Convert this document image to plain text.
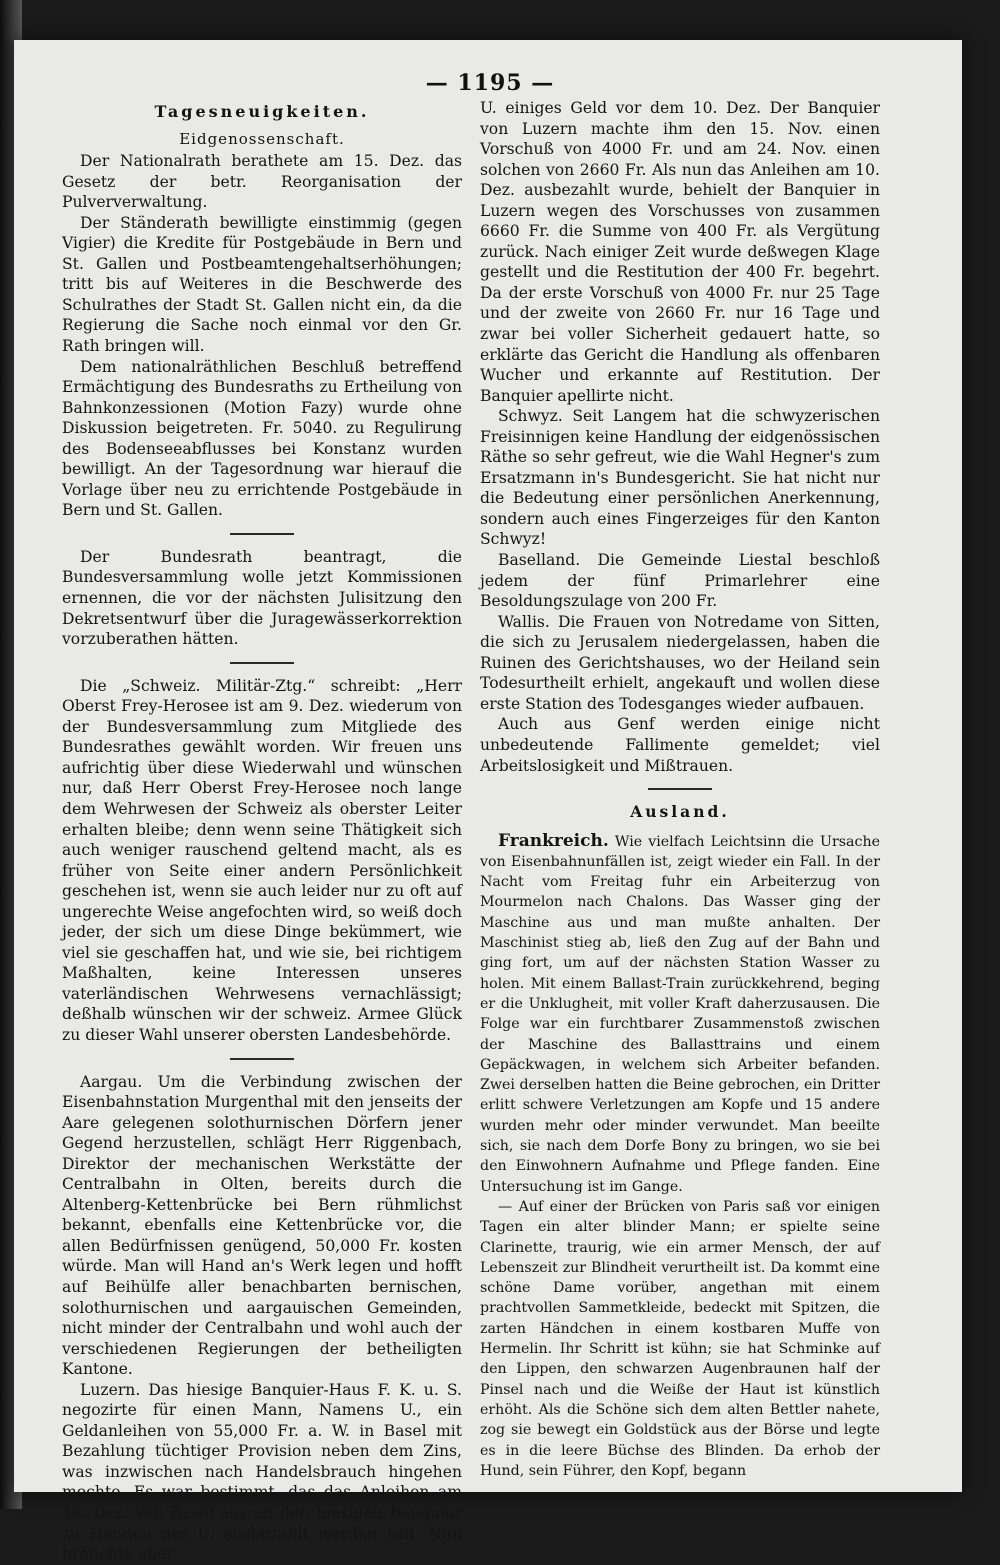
— 1195 —

Tagesneuigkeiten.

Eidgenossenschaft.

Der Nationalrath berathete am 15. Dez. das Gesetz der betr. Reorganisation der Pulververwaltung.

Der Ständerath bewilligte einstimmig (gegen Vigier) die Kredite für Postgebäude in Bern und St. Gallen und Postbeamtengehaltserhöhungen; tritt bis auf Weiteres in die Beschwerde des Schulrathes der Stadt St. Gallen nicht ein, da die Regierung die Sache noch einmal vor den Gr. Rath bringen will.

Dem nationalräthlichen Beschluß betreffend Ermächtigung des Bundesraths zu Ertheilung von Bahnkonzessionen (Motion Fazy) wurde ohne Diskussion beigetreten. Fr. 5040. zu Regulirung des Bodenseeabflusses bei Konstanz wurden bewilligt. An der Tagesordnung war hierauf die Vorlage über neu zu errichtende Postgebäude in Bern und St. Gallen.

Der Bundesrath beantragt, die Bundesversammlung wolle jetzt Kommissionen ernennen, die vor der nächsten Julisitzung den Dekretsentwurf über die Juragewässerkorrektion vorzuberathen hätten.

Die „Schweiz. Militär-Ztg.“ schreibt: „Herr Oberst Frey-Herosee ist am 9. Dez. wiederum von der Bundesversammlung zum Mitgliede des Bundesrathes gewählt worden. Wir freuen uns aufrichtig über diese Wiederwahl und wünschen nur, daß Herr Oberst Frey-Herosee noch lange dem Wehrwesen der Schweiz als oberster Leiter erhalten bleibe; denn wenn seine Thätigkeit sich auch weniger rauschend geltend macht, als es früher von Seite einer andern Persönlichkeit geschehen ist, wenn sie auch leider nur zu oft auf ungerechte Weise angefochten wird, so weiß doch jeder, der sich um diese Dinge bekümmert, wie viel sie geschaffen hat, und wie sie, bei richtigem Maßhalten, keine Interessen unseres vaterländischen Wehrwesens vernachlässigt; deßhalb wünschen wir der schweiz. Armee Glück zu dieser Wahl unserer obersten Landesbehörde.

Aargau. Um die Verbindung zwischen der Eisenbahnstation Murgenthal mit den jenseits der Aare gelegenen solothurnischen Dörfern jener Gegend herzustellen, schlägt Herr Riggenbach, Direktor der mechanischen Werkstätte der Centralbahn in Olten, bereits durch die Altenberg-Kettenbrücke bei Bern rühmlichst bekannt, ebenfalls eine Kettenbrücke vor, die allen Bedürfnissen genügend, 50,000 Fr. kosten würde. Man will Hand an's Werk legen und hofft auf Beihülfe aller benachbarten bernischen, solothurnischen und aargauischen Gemeinden, nicht minder der Centralbahn und wohl auch der verschiedenen Regierungen der betheiligten Kantone.

Luzern. Das hiesige Banquier-Haus F. K. u. S. negozirte für einen Mann, Namens U., ein Geldanleihen von 55,000 Fr. a. W. in Basel mit Bezahlung tüchtiger Provision neben dem Zins, was inzwischen nach Handelsbrauch hingehen mochte. Es war bestimmt, das das Anleihen am 10. Dez. von Basel aus an den hiesigen Banquier zu Handen des U. ausbezahlt werden soll. Nun brauchte aber

U. einiges Geld vor dem 10. Dez. Der Banquier von Luzern machte ihm den 15. Nov. einen Vorschuß von 4000 Fr. und am 24. Nov. einen solchen von 2660 Fr. Als nun das Anleihen am 10. Dez. ausbezahlt wurde, behielt der Banquier in Luzern wegen des Vorschusses von zusammen 6660 Fr. die Summe von 400 Fr. als Vergütung zurück. Nach einiger Zeit wurde deßwegen Klage gestellt und die Restitution der 400 Fr. begehrt. Da der erste Vorschuß von 4000 Fr. nur 25 Tage und der zweite von 2660 Fr. nur 16 Tage und zwar bei voller Sicherheit gedauert hatte, so erklärte das Gericht die Handlung als offenbaren Wucher und erkannte auf Restitution. Der Banquier apellirte nicht.

Schwyz. Seit Langem hat die schwyzerischen Freisinnigen keine Handlung der eidgenössischen Räthe so sehr gefreut, wie die Wahl Hegner's zum Ersatzmann in's Bundesgericht. Sie hat nicht nur die Bedeutung einer persönlichen Anerkennung, sondern auch eines Fingerzeiges für den Kanton Schwyz!

Baselland. Die Gemeinde Liestal beschloß jedem der fünf Primarlehrer eine Besoldungszulage von 200 Fr.

Wallis. Die Frauen von Notredame von Sitten, die sich zu Jerusalem niedergelassen, haben die Ruinen des Gerichtshauses, wo der Heiland sein Todesurtheilt erhielt, angekauft und wollen diese erste Station des Todesganges wieder aufbauen.

Auch aus Genf werden einige nicht unbedeutende Fallimente gemeldet; viel Arbeitslosigkeit und Mißtrauen.

Ausland.

Frankreich. Wie vielfach Leichtsinn die Ursache von Eisenbahnunfällen ist, zeigt wieder ein Fall. In der Nacht vom Freitag fuhr ein Arbeiterzug von Mourmelon nach Chalons. Das Wasser ging der Maschine aus und man mußte anhalten. Der Maschinist stieg ab, ließ den Zug auf der Bahn und ging fort, um auf der nächsten Station Wasser zu holen. Mit einem Ballast-Train zurückkehrend, beging er die Unklugheit, mit voller Kraft daherzusausen. Die Folge war ein furchtbarer Zusammenstoß zwischen der Maschine des Ballasttrains und einem Gepäckwagen, in welchem sich Arbeiter befanden. Zwei derselben hatten die Beine gebrochen, ein Dritter erlitt schwere Verletzungen am Kopfe und 15 andere wurden mehr oder minder verwundet. Man beeilte sich, sie nach dem Dorfe Bony zu bringen, wo sie bei den Einwohnern Aufnahme und Pflege fanden. Eine Untersuchung ist im Gange.

— Auf einer der Brücken von Paris saß vor einigen Tagen ein alter blinder Mann; er spielte seine Clarinette, traurig, wie ein armer Mensch, der auf Lebenszeit zur Blindheit verurtheilt ist. Da kommt eine schöne Dame vorüber, angethan mit einem prachtvollen Sammetkleide, bedeckt mit Spitzen, die zarten Händchen in einem kostbaren Muffe von Hermelin. Ihr Schritt ist kühn; sie hat Schminke auf den Lippen, den schwarzen Augenbraunen half der Pinsel nach und die Weiße der Haut ist künstlich erhöht. Als die Schöne sich dem alten Bettler nahete, zog sie bewegt ein Goldstück aus der Börse und legte es in die leere Büchse des Blinden. Da erhob der Hund, sein Führer, den Kopf, begann
